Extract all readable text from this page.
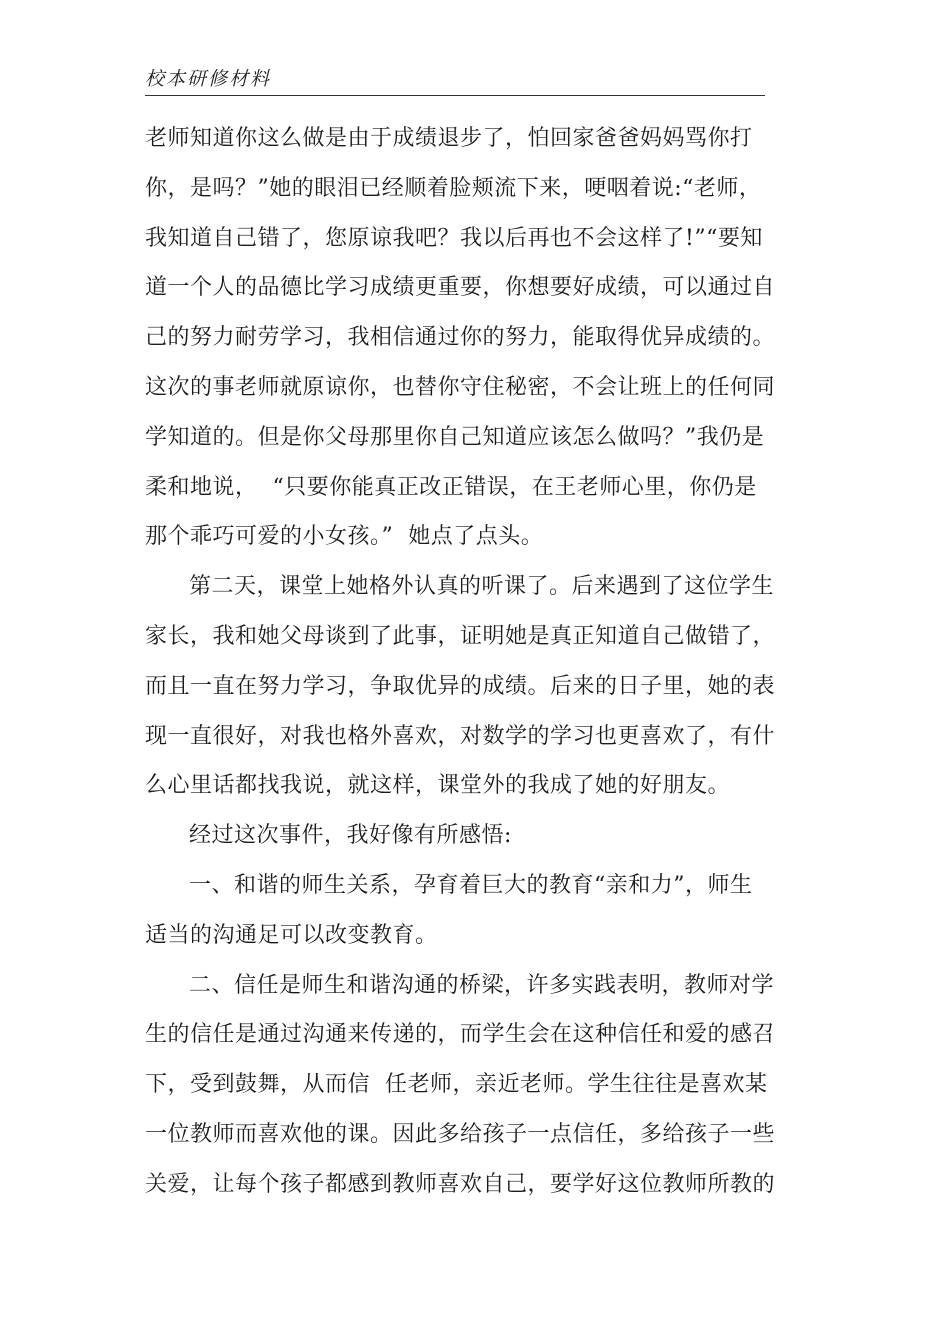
校本研修材料
老师知道你这么做是由于成绩退步了，怕回家爸爸妈妈骂你打
你，是吗？”她的眼泪已经顺着脸颊流下来，哽咽着说:“老师，
我知道自己错了，您原谅我吧？我以后再也不会这样了!”“要知
道一个人的品德比学习成绩更重要，你想要好成绩，可以通过自
己的努力耐劳学习，我相信通过你的努力，能取得优异成绩的。
这次的事老师就原谅你，也替你守住秘密，不会让班上的任何同
学知道的。但是你父母那里你自己知道应该怎么做吗？”我仍是
柔和地说，  “只要你能真正改正错误，在王老师心里，你仍是
那个乖巧可爱的小女孩。”  她点了点头。
第二天，课堂上她格外认真的听课了。后来遇到了这位学生
家长，我和她父母谈到了此事，证明她是真正知道自己做错了，
而且一直在努力学习，争取优异的成绩。后来的日子里，她的表
现一直很好，对我也格外喜欢，对数学的学习也更喜欢了，有什
么心里话都找我说，就这样，课堂外的我成了她的好朋友。
经过这次事件，我好像有所感悟:
一、和谐的师生关系，孕育着巨大的教育“亲和力”，师生
适当的沟通足可以改变教育。
二、信任是师生和谐沟通的桥梁，许多实践表明，教师对学
生的信任是通过沟通来传递的，而学生会在这种信任和爱的感召
下，受到鼓舞，从而信  任老师，亲近老师。学生往往是喜欢某
一位教师而喜欢他的课。因此多给孩子一点信任，多给孩子一些
关爱，让每个孩子都感到教师喜欢自己，要学好这位教师所教的
